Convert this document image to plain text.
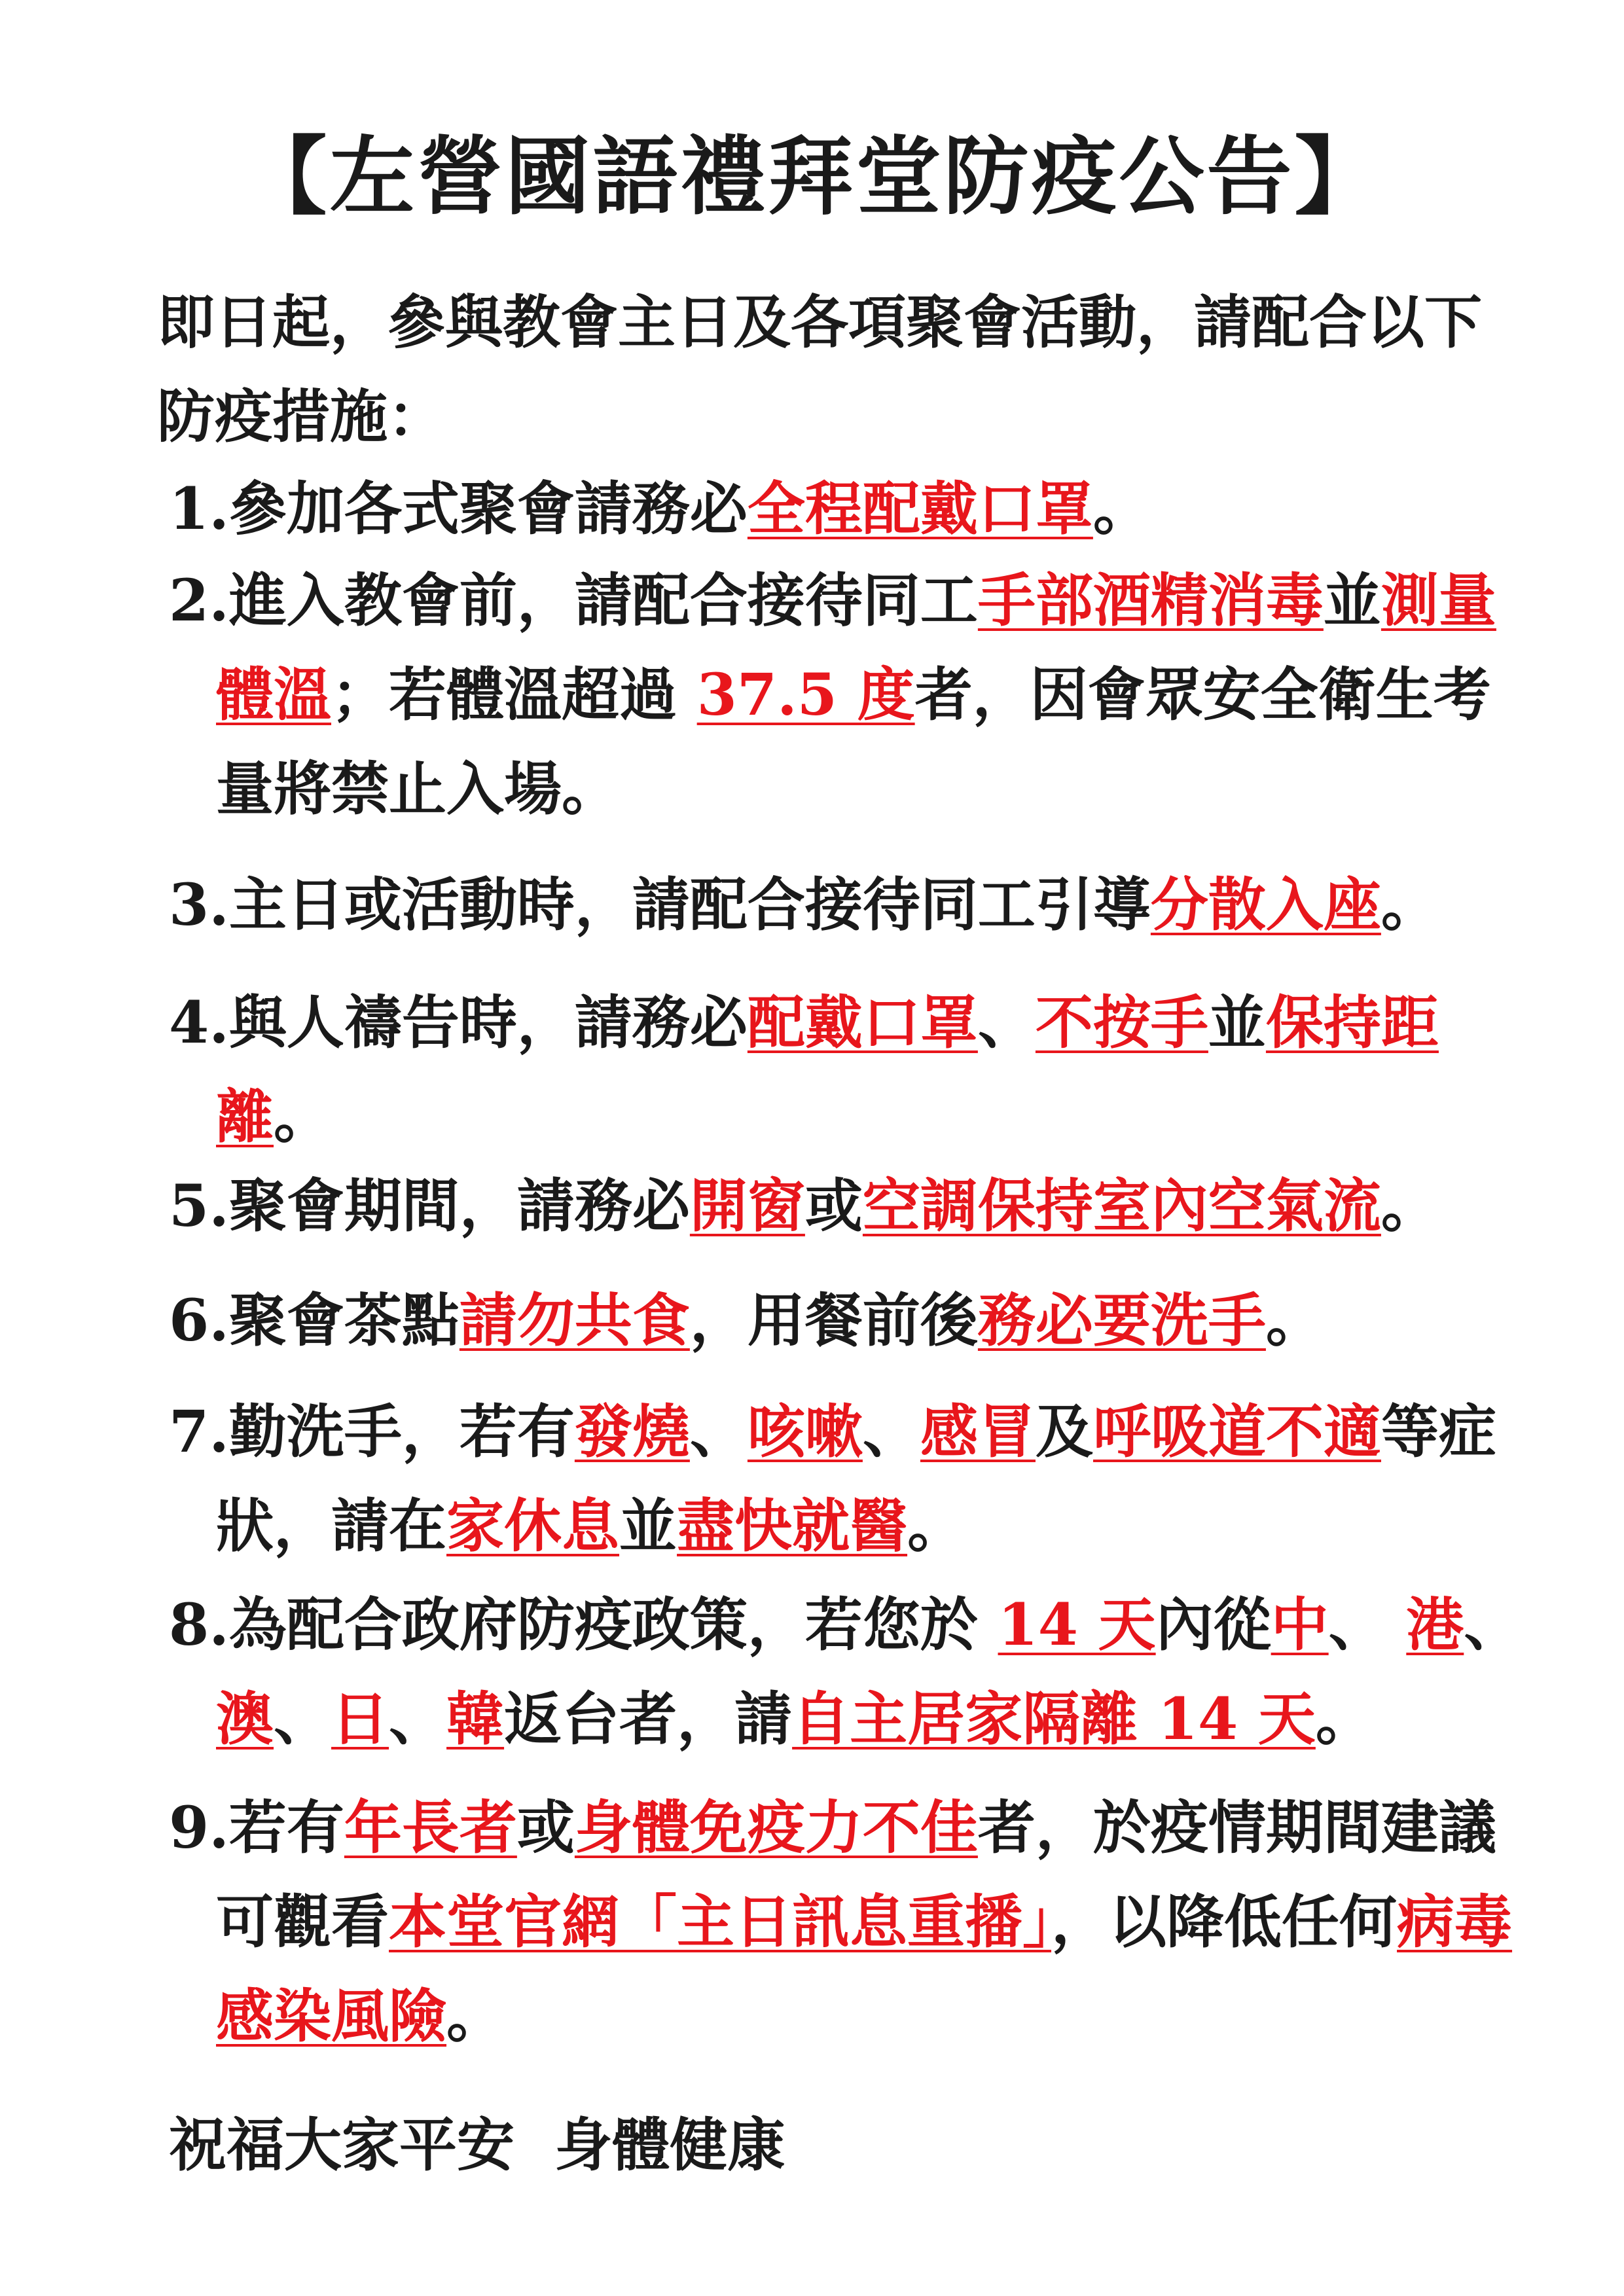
【左營國語禮拜堂防疫公告】
即日起，參與教會主日及各項聚會活動，請配合以下防疫措施：
1.參加各式聚會請務必全程配戴口罩。
2.進入教會前，請配合接待同工手部酒精消毒並測量體溫；若體溫超過 37.5 度者，因會眾安全衛生考量將禁止入場。
3.主日或活動時，請配合接待同工引導分散入座。
4.與人禱告時，請務必配戴口罩、不按手並保持距離。
5.聚會期間，請務必開窗或空調保持室內空氣流。
6.聚會茶點請勿共食，用餐前後務必要洗手。
7.勤洗手，若有發燒、咳嗽、感冒及呼吸道不適等症狀，請在家休息並盡快就醫。
8.為配合政府防疫政策，若您於 14 天內從中、 港、澳、日、韓返台者，請自主居家隔離 14 天。
9.若有年長者或身體免疫力不佳者，於疫情期間建議可觀看本堂官網「主日訊息重播」，以降低任何病毒感染風險。
祝福大家平安  身體健康
